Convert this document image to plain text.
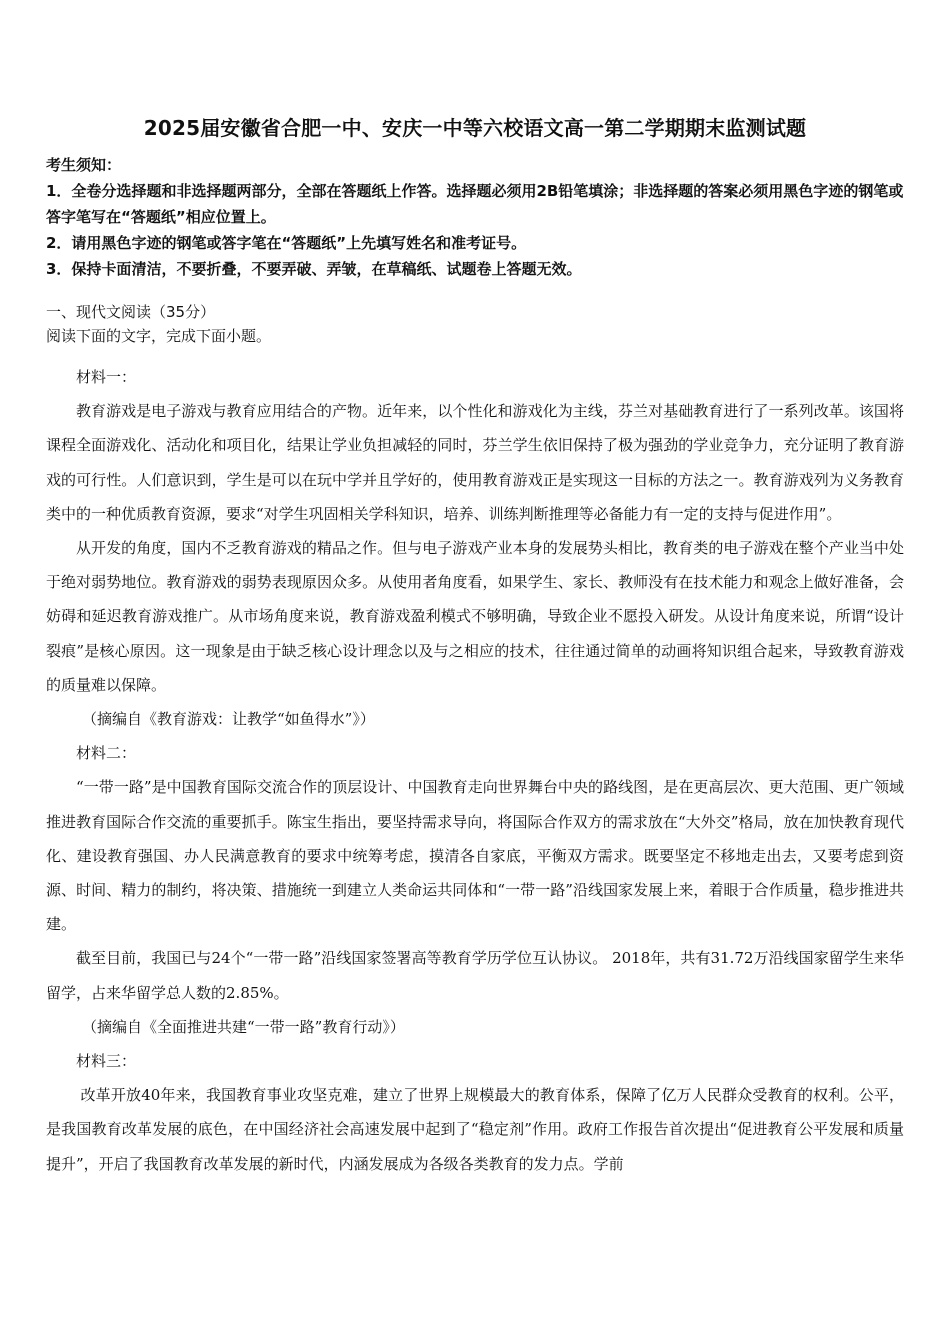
2025届安徽省合肥一中、安庆一中等六校语文高一第二学期期末监测试题

考生须知：

1．全卷分选择题和非选择题两部分，全部在答题纸上作答。选择题必须用2B铅笔填涂；非选择题的答案必须用黑色字迹的钢笔或答字笔写在“答题纸”相应位置上。

2．请用黑色字迹的钢笔或答字笔在“答题纸”上先填写姓名和准考证号。

3．保持卡面清洁，不要折叠，不要弄破、弄皱，在草稿纸、试题卷上答题无效。

一、现代文阅读（35分）

阅读下面的文字，完成下面小题。

材料一：

教育游戏是电子游戏与教育应用结合的产物。近年来，以个性化和游戏化为主线，芬兰对基础教育进行了一系列改革。该国将课程全面游戏化、活动化和项目化，结果让学业负担减轻的同时，芬兰学生依旧保持了极为强劲的学业竞争力，充分证明了教育游戏的可行性。人们意识到，学生是可以在玩中学并且学好的，使用教育游戏正是实现这一目标的方法之一。教育游戏列为义务教育类中的一种优质教育资源，要求“对学生巩固相关学科知识，培养、训练判断推理等必备能力有一定的支持与促进作用”。

从开发的角度，国内不乏教育游戏的精品之作。但与电子游戏产业本身的发展势头相比，教育类的电子游戏在整个产业当中处于绝对弱势地位。教育游戏的弱势表现原因众多。从使用者角度看，如果学生、家长、教师没有在技术能力和观念上做好准备，会妨碍和延迟教育游戏推广。从市场角度来说，教育游戏盈利模式不够明确，导致企业不愿投入研发。从设计角度来说，所谓“设计裂痕”是核心原因。这一现象是由于缺乏核心设计理念以及与之相应的技术，往往通过简单的动画将知识组合起来，导致教育游戏的质量难以保障。

（摘编自《教育游戏：让教学“如鱼得水”》）

材料二：

“一带一路”是中国教育国际交流合作的顶层设计、中国教育走向世界舞台中央的路线图，是在更高层次、更大范围、更广领域推进教育国际合作交流的重要抓手。陈宝生指出，要坚持需求导向，将国际合作双方的需求放在“大外交”格局，放在加快教育现代化、建设教育强国、办人民满意教育的要求中统筹考虑，摸清各自家底，平衡双方需求。既要坚定不移地走出去，又要考虑到资源、时间、精力的制约，将决策、措施统一到建立人类命运共同体和“一带一路”沿线国家发展上来，着眼于合作质量，稳步推进共建。

截至目前，我国已与24个“一带一路”沿线国家签署高等教育学历学位互认协议。 2018年，共有31.72万沿线国家留学生来华留学，占来华留学总人数的2.85%。

（摘编自《全面推进共建“一带一路”教育行动》）

材料三：

改革开放40年来，我国教育事业攻坚克难，建立了世界上规模最大的教育体系，保障了亿万人民群众受教育的权利。公平，是我国教育改革发展的底色，在中国经济社会高速发展中起到了“稳定剂”作用。政府工作报告首次提出“促进教育公平发展和质量提升”，开启了我国教育改革发展的新时代，内涵发展成为各级各类教育的发力点。学前
